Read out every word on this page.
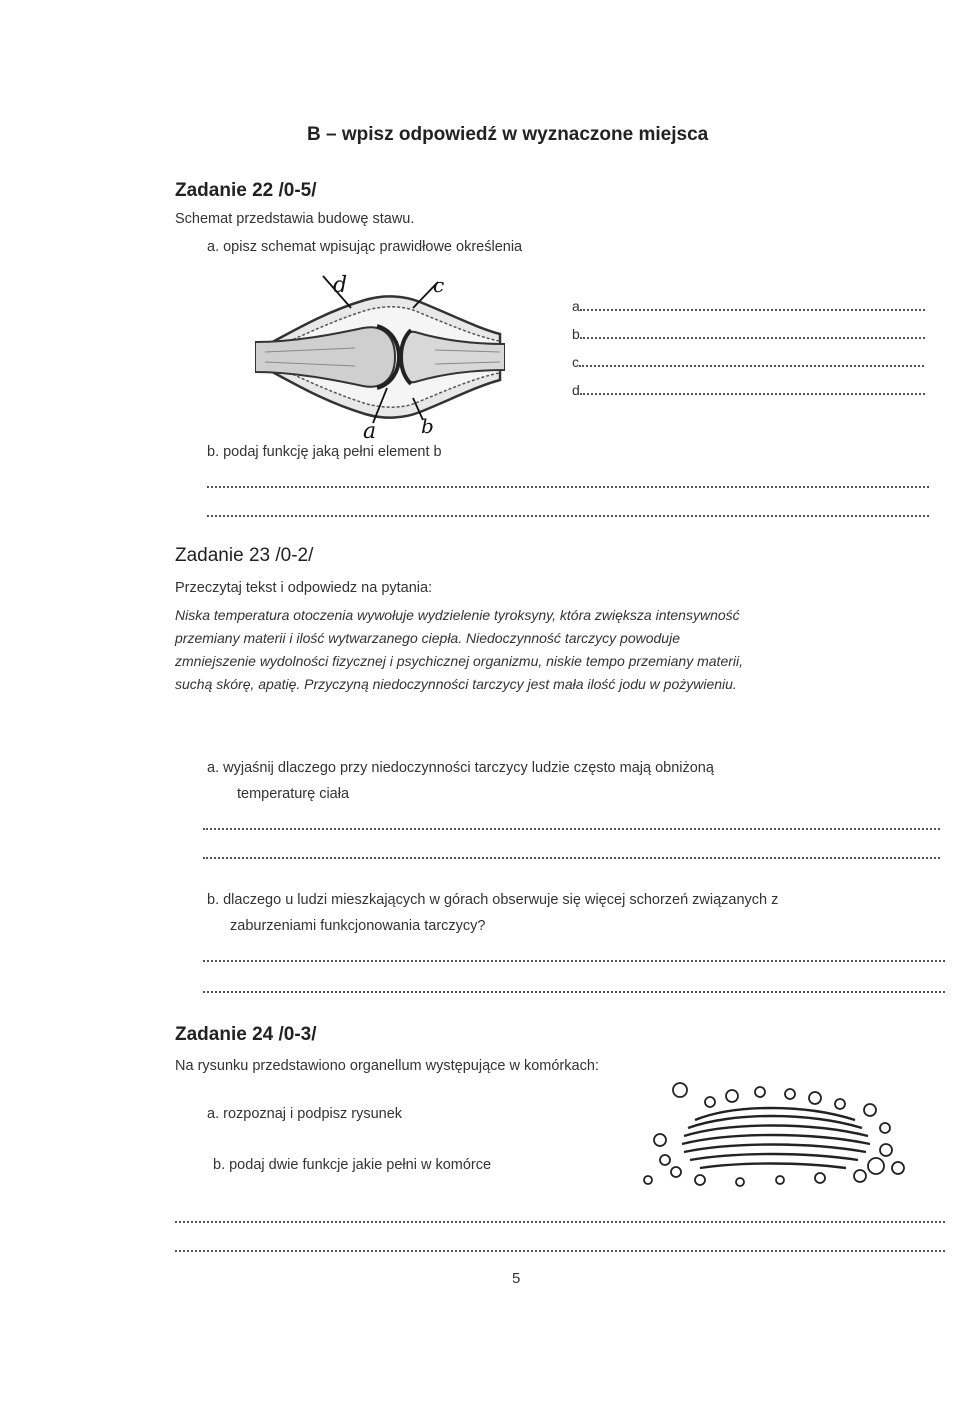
B – wpisz odpowiedź w wyznaczone miejsca
Zadanie 22 /0-5/
Schemat przedstawia budowę stawu.
a. opisz schemat wpisując prawidłowe określenia
d	c
a b
a
b
c
d
b. podaj funkcję jaką pełni element b
Zadanie 23 /0-2/
Przeczytaj tekst i odpowiedz na pytania:
Niska temperatura otoczenia wywołuje wydzielenie tyroksyny, która zwiększa intensywność
przemiany materii i ilość wytwarzanego ciepła. Niedoczynność tarczycy powoduje
zmniejszenie wydolności fizycznej i psychicznej organizmu, niskie tempo przemiany materii,
suchą skórę, apatię. Przyczyną niedoczynności tarczycy jest mała ilość jodu w pożywieniu.
a. wyjaśnij dlaczego przy niedoczynności tarczycy ludzie często mają obniżoną
temperaturę ciała
b. dlaczego u ludzi mieszkających w górach obserwuje się więcej schorzeń związanych z
zaburzeniami funkcjonowania tarczycy?
Zadanie 24 /0-3/
Na rysunku przedstawiono organellum występujące w komórkach:
a. rozpoznaj i podpisz rysunek
b. podaj dwie funkcje jakie pełni w komórce
5
